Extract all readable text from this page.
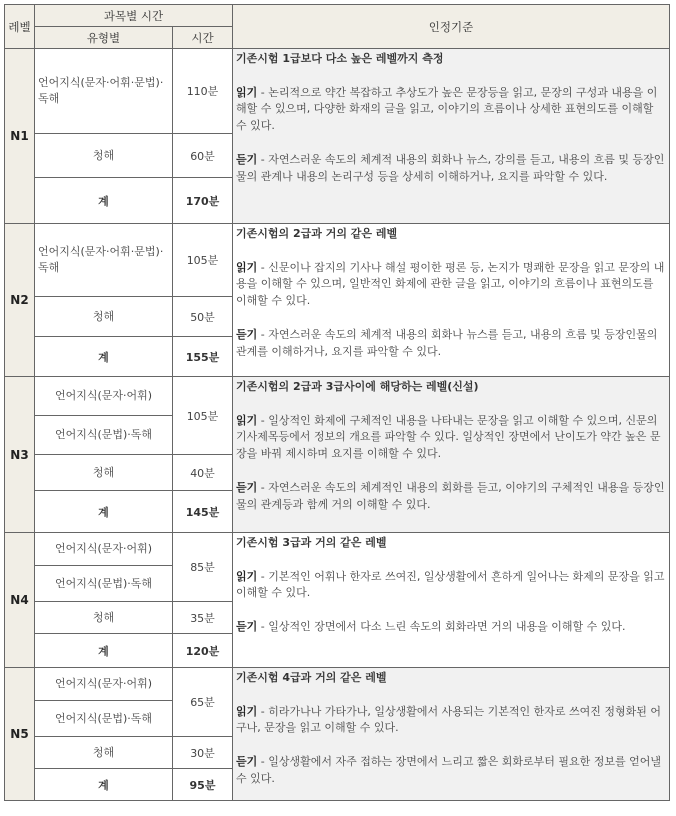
레벨	과목별 시간		인정기준
	유형별	시간	
N1	언어지식(문자·어휘·문법)·독해	110분	기존시험 1급보다 다소 높은 레벨까지 측정
읽기 - 논리적으로 약간 복잡하고 추상도가 높은 문장등을 읽고, 문장의 구성과 내용을 이해할 수 있으며, 다양한 화재의 글을 읽고, 이야기의 흐름이나 상세한 표현의도를 이해할 수 있다.
듣기 - 자연스러운 속도의 체계적 내용의 회화나 뉴스, 강의를 듣고, 내용의 흐름 및 등장인물의 관계나 내용의 논리구성 등을 상세히 이해하거나, 요지를 파악할 수 있다.

	청해	60분	
	계	170분	
N2	언어지식(문자·어휘·문법)·독해	105분	기존시험의 2급과 거의 같은 레벨
읽기 - 신문이나 잡지의 기사나 해설 평이한 평론 등, 논지가 명쾌한 문장을 읽고 문장의 내용을 이해할 수 있으며, 일반적인 화제에 관한 글을 읽고, 이야기의 흐름이나 표현의도를 이해할 수 있다.
듣기 - 자연스러운 속도의 체계적 내용의 회화나 뉴스를 듣고, 내용의 흐름 및 등장인물의 관계를 이해하거나, 요지를 파악할 수 있다.

	청해	50분	
	계	155분	
N3	언어지식(문자·어휘)	105분	기존시험의 2급과 3급사이에 해당하는 레벨(신설)
읽기 - 일상적인 화제에 구체적인 내용을 나타내는 문장을 읽고 이해할 수 있으며, 신문의 기사제목등에서 정보의 개요를 파악할 수 있다. 일상적인 장면에서 난이도가 약간 높은 문장을 바꿔 제시하며 요지를 이해할 수 있다.
듣기 - 자연스러운 속도의 체계적인 내용의 회화를 듣고, 이야기의 구체적인 내용을 등장인물의 관계등과 함께 거의 이해할 수 있다.

	언어지식(문법)·독해		
	청해	40분	
	계	145분	
N4	언어지식(문자·어휘)	85분	기존시험 3급과 거의 같은 레벨
읽기 - 기본적인 어휘나 한자로 쓰여진, 일상생활에서 흔하게 일어나는 화제의 문장을 읽고 이해할 수 있다.
듣기 - 일상적인 장면에서 다소 느린 속도의 회화라면 거의 내용을 이해할 수 있다.

	언어지식(문법)·독해		
	청해	35분	
	계	120분	
N5	언어지식(문자·어휘)	65분	기존시험 4급과 거의 같은 레벨
읽기 - 히라가나나 가타가나, 일상생활에서 사용되는 기본적인 한자로 쓰여진 정형화된 어구나, 문장을 읽고 이해할 수 있다.
듣기 - 일상생활에서 자주 접하는 장면에서 느리고 짧은 회화로부터 필요한 정보를 얻어낼 수 있다.

	언어지식(문법)·독해		
	청해	30분	
	계	95분	
